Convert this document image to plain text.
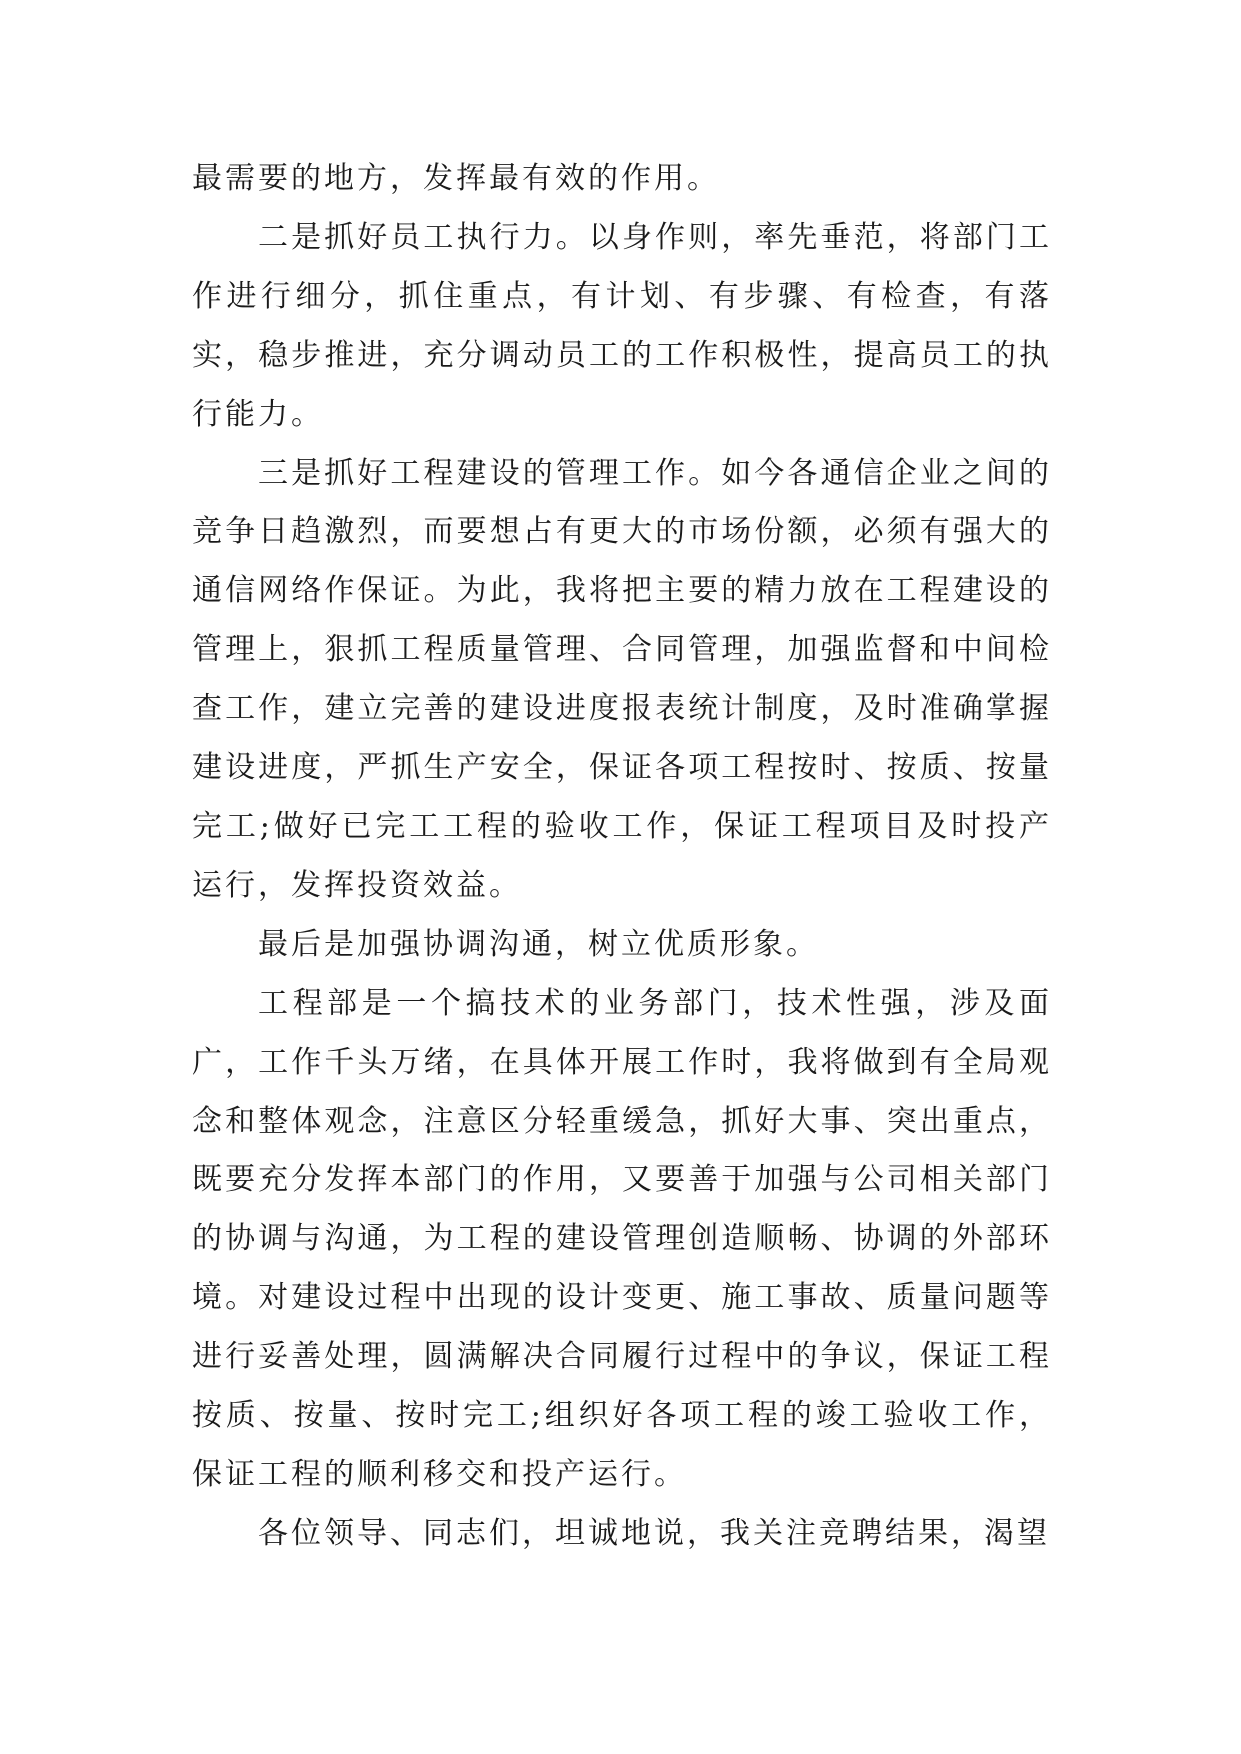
最需要的地方，发挥最有效的作用。

二是抓好员工执行力。以身作则，率先垂范，将部门工作进行细分，抓住重点，有计划、有步骤、有检查，有落实，稳步推进，充分调动员工的工作积极性，提高员工的执行能力。

三是抓好工程建设的管理工作。如今各通信企业之间的竞争日趋激烈，而要想占有更大的市场份额，必须有强大的通信网络作保证。为此，我将把主要的精力放在工程建设的管理上，狠抓工程质量管理、合同管理，加强监督和中间检查工作，建立完善的建设进度报表统计制度，及时准确掌握建设进度，严抓生产安全，保证各项工程按时、按质、按量完工;做好已完工工程的验收工作，保证工程项目及时投产运行，发挥投资效益。

最后是加强协调沟通，树立优质形象。

工程部是一个搞技术的业务部门，技术性强，涉及面广，工作千头万绪，在具体开展工作时，我将做到有全局观念和整体观念，注意区分轻重缓急，抓好大事、突出重点，既要充分发挥本部门的作用，又要善于加强与公司相关部门的协调与沟通，为工程的建设管理创造顺畅、协调的外部环境。对建设过程中出现的设计变更、施工事故、质量问题等进行妥善处理，圆满解决合同履行过程中的争议，保证工程按质、按量、按时完工;组织好各项工程的竣工验收工作，保证工程的顺利移交和投产运行。

各位领导、同志们，坦诚地说，我关注竞聘结果，渴望
